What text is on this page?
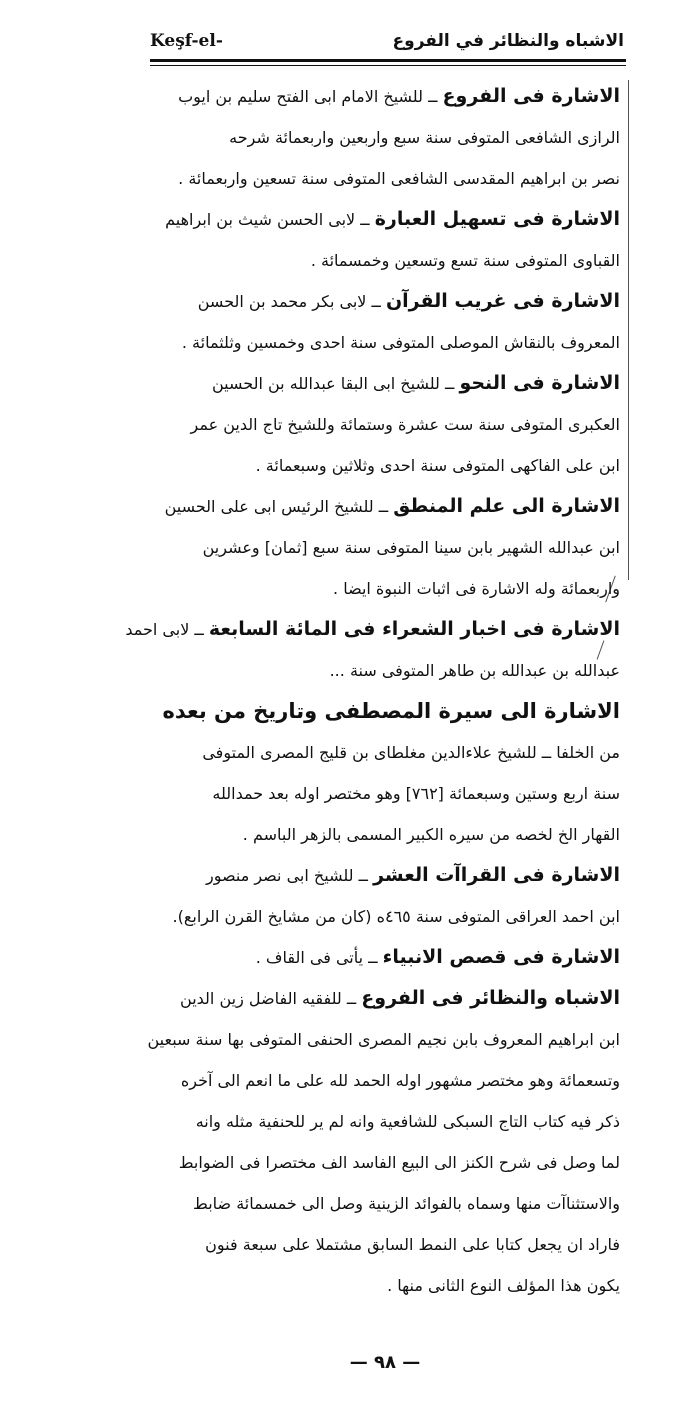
Keşf-el-	الاشباه والنظائر في الفروع
الاشارة فى الفروع ــ للشيخ الامام ابى الفتح سليم بن ايوب
الرازى الشافعى المتوفى سنة سبع واربعين واربعمائة شرحه
نصر بن ابراهيم المقدسى الشافعى المتوفى سنة تسعين واربعمائة .
الاشارة فى تسهيل العبارة ــ لابى الحسن شيث بن ابراهيم
القباوى المتوفى سنة تسع وتسعين وخمسمائة .
الاشارة فى غريب القرآن ــ لابى بكر محمد بن الحسن
المعروف بالنقاش الموصلى المتوفى سنة احدى وخمسين وثلثمائة .
الاشارة فى النحو ــ للشيخ ابى البقا عبدالله بن الحسين
العكبرى المتوفى سنة ست عشرة وستمائة وللشيخ تاج الدين عمر
ابن على الفاكهى المتوفى سنة احدى وثلاثين وسبعمائة .
الاشارة الى علم المنطق ــ للشيخ الرئيس ابى على الحسين
ابن عبدالله الشهير بابن سينا المتوفى سنة سبع [ثمان] وعشرين
واربعمائة وله الاشارة فى اثبات النبوة ايضا .
الاشارة فى اخبار الشعراء فى المائة السابعة ــ لابى احمد
عبدالله بن عبدالله بن طاهر المتوفى سنة ...
الاشارة الى سيرة المصطفى وتاريخ من بعده
من الخلفا ــ للشيخ علاءالدين مغلطاى بن قليج المصرى المتوفى
سنة اربع وستين وسبعمائة [٧٦٢] وهو مختصر اوله بعد حمدالله
القهار الخ لخصه من سيره الكبير المسمى بالزهر الباسم .
الاشارة فى القراآت العشر ــ للشيخ ابى نصر منصور
ابن احمد العراقى المتوفى سنة ٤٦٥ه (كان من مشايخ القرن الرابع).
الاشارة فى قصص الانبياء ــ يأتى فى القاف .
الاشباه والنظائر فى الفروع ــ للفقيه الفاضل زين الدين
ابن ابراهيم المعروف بابن نجيم المصرى الحنفى المتوفى بها سنة سبعين
وتسعمائة وهو مختصر مشهور اوله الحمد لله على ما انعم الى آخره
ذكر فيه كتاب التاج السبكى للشافعية وانه لم ير للحنفية مثله وانه
لما وصل فى شرح الكنز الى البيع الفاسد الف مختصرا فى الضوابط
والاستثناآت منها وسماه بالفوائد الزينية وصل الى خمسمائة ضابط
فاراد ان يجعل كتابا على النمط السابق مشتملا على سبعة فنون
يكون هذا المؤلف النوع الثانى منها .
— ٩٨ —
